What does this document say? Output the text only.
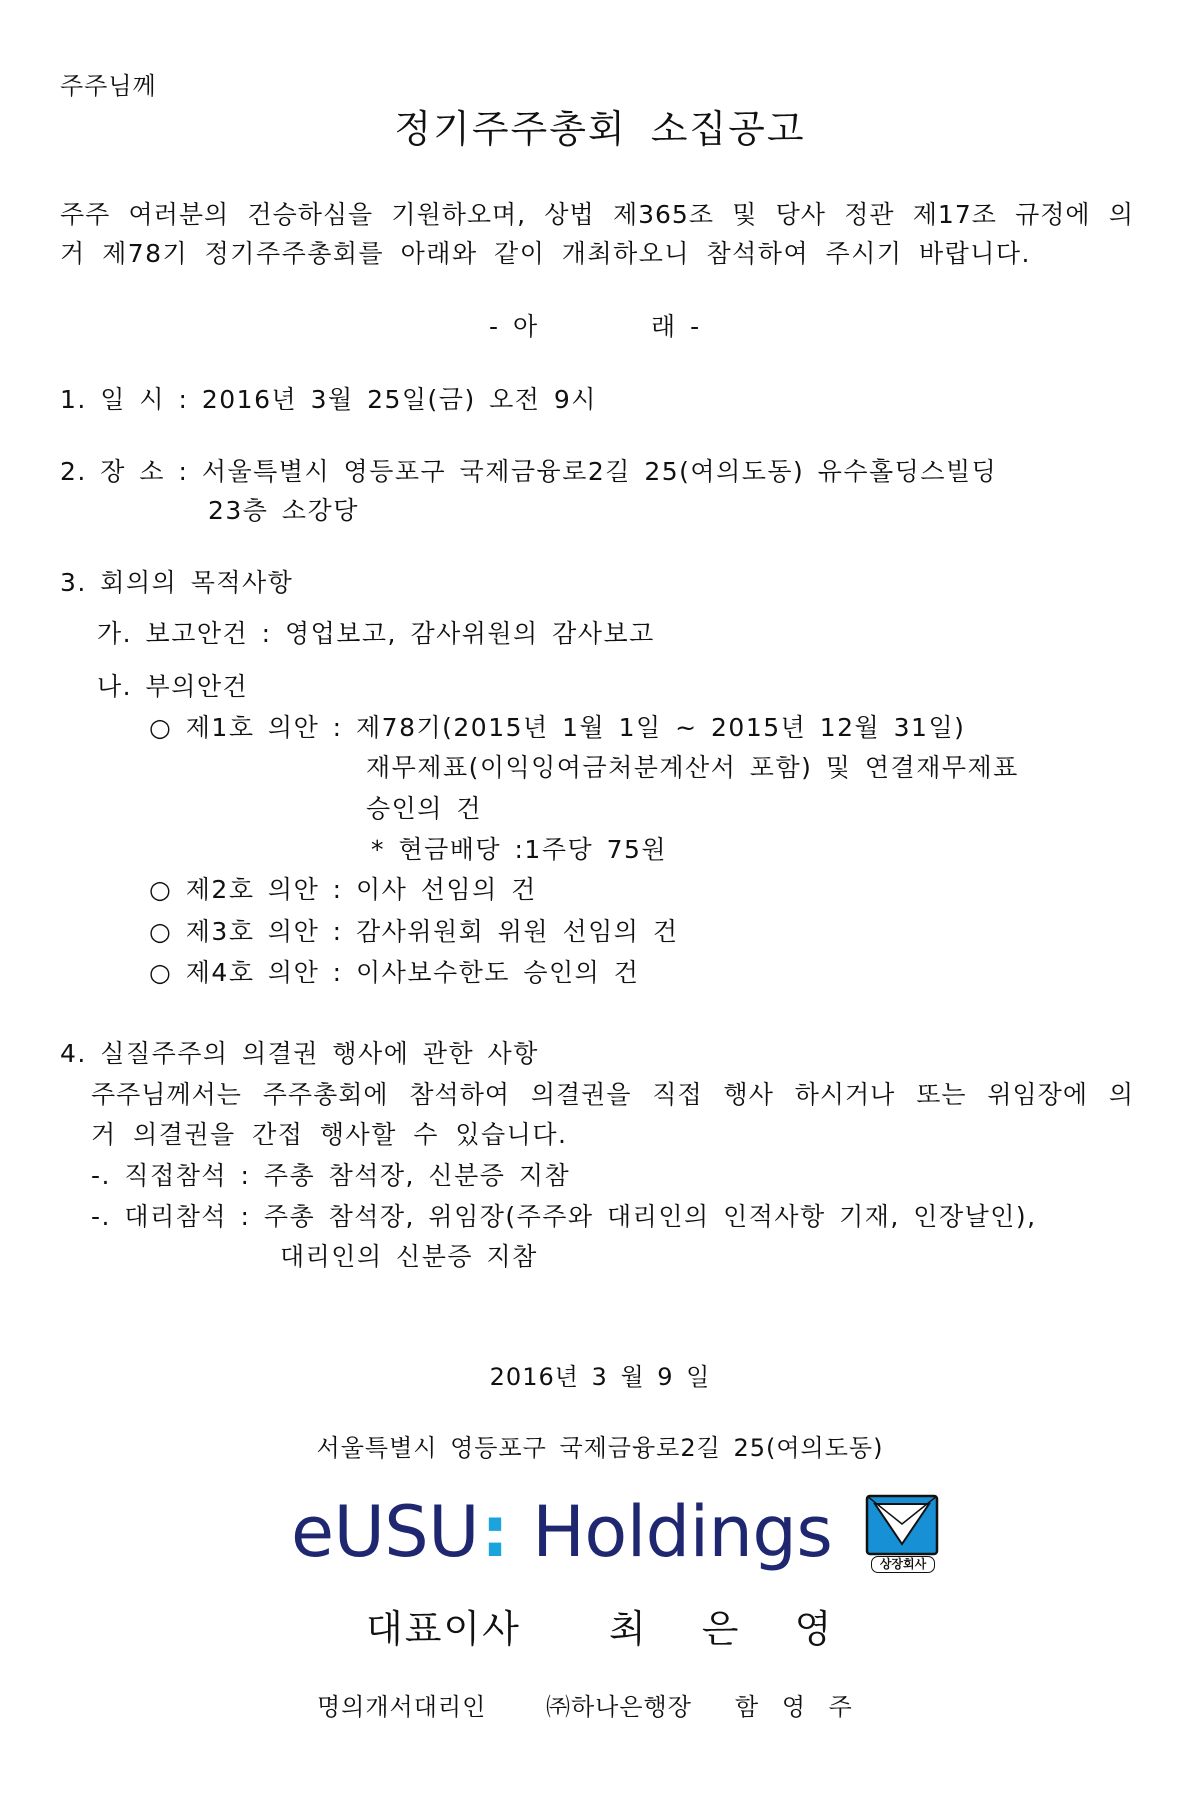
주주님께
정기주주총회 소집공고
주주 여러분의 건승하심을 기원하오며, 상법 제365조 및 당사 정관 제17조 규정에 의
거 제78기 정기주주총회를 아래와 같이 개최하오니 참석하여 주시기 바랍니다.
- 아	래 -
1. 일 시 : 2016년 3월 25일(금) 오전 9시
2. 장 소 : 서울특별시 영등포구 국제금융로2길 25(여의도동) 유수홀딩스빌딩
23층 소강당
3. 회의의 목적사항
가. 보고안건 : 영업보고, 감사위원의 감사보고
나. 부의안건
○ 제1호 의안 : 제78기(2015년 1월 1일 ~ 2015년 12월 31일)
재무제표(이익잉여금처분계산서 포함) 및 연결재무제표
승인의 건
* 현금배당 :1주당 75원
○ 제2호 의안 : 이사 선임의 건
○ 제3호 의안 : 감사위원회 위원 선임의 건
○ 제4호 의안 : 이사보수한도 승인의 건
4. 실질주주의 의결권 행사에 관한 사항
주주님께서는 주주총회에 참석하여 의결권을 직접 행사 하시거나 또는 위임장에 의
거 의결권을 간접 행사할 수 있습니다.
-. 직접참석 : 주총 참석장, 신분증 지참
-. 대리참석 : 주총 참석장, 위임장(주주와 대리인의 인적사항 기재, 인장날인),
대리인의 신분증 지참
2016년 3 월 9 일
서울특별시 영등포구 국제금융로2길 25(여의도동)
eUSU: Holdings	상장회사
대표이사 최 은 영
명의개서대리인 ㈜하나은행장 함 영 주
